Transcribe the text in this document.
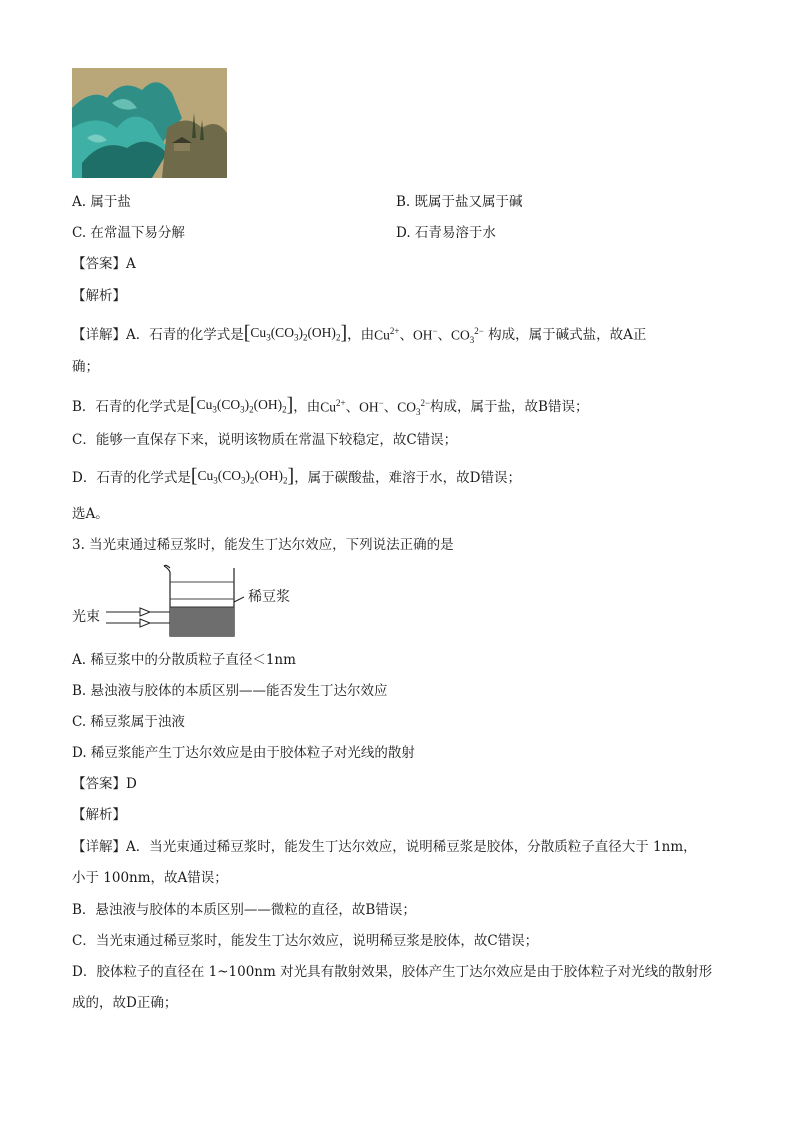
A. 属于盐	B. 既属于盐又属于碱
C. 在常温下易分解	D. 石青易溶于水
【答案】A
【解析】
【详解】A．石青的化学式是$[Cu_3(CO_3)_2(OH)_2]$，由$Cu^{2+}$、OH−、$CO_3^{2-}$ 构成，属于碱式盐，故A正
确；
B．石青的化学式是$[Cu_3(CO_3)_2(OH)_2]$，由$Cu^{2+}$、OH−、$CO_3^{2-}$构成，属于盐，故B错误；
C．能够一直保存下来，说明该物质在常温下较稳定，故C错误；
D．石青的化学式是$[Cu_3(CO_3)_2(OH)_2]$，属于碳酸盐，难溶于水，故D错误；
选A。
3. 当光束通过稀豆浆时，能发生丁达尔效应，下列说法正确的是
稀豆浆
光束
A. 稀豆浆中的分散质粒子直径＜1nm
B. 悬浊液与胶体的本质区别——能否发生丁达尔效应
C. 稀豆浆属于浊液
D. 稀豆浆能产生丁达尔效应是由于胶体粒子对光线的散射
【答案】D
【解析】
【详解】A．当光束通过稀豆浆时，能发生丁达尔效应，说明稀豆浆是胶体，分散质粒子直径大于 1nm，
小于 100nm，故A错误；
B．悬浊液与胶体的本质区别——微粒的直径，故B错误；
C．当光束通过稀豆浆时，能发生丁达尔效应，说明稀豆浆是胶体，故C错误；
D．胶体粒子的直径在 1~100nm 对光具有散射效果，胶体产生丁达尔效应是由于胶体粒子对光线的散射形
成的，故D正确；
